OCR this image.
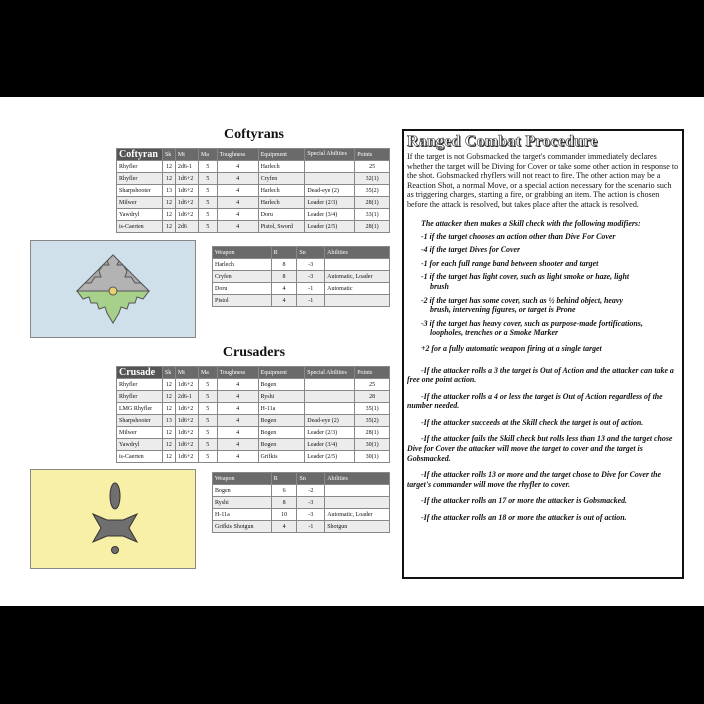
Coftyrans
Coftyran	Sk	Mt	Ma	Toughness	Equipment	Special Abilities	Points
Rhyfler	12	2d6-1	5	4	Harlech		25
Rhyfler	12	1d6+2	5	4	Cryfen		32(1)
Sharpshooter	13	1d6+2	5	4	Harlech	Dead-eye (2)	35(2)
Milwer	12	1d6+2	5	4	Harlech	Leader (2/3)	28(1)
Yawdryl	12	1d6+2	5	4	Doru	Leader (3/4)	33(1)
is-Caerten	12	2d6	5	4	Pistol, Sword	Leader (2/5)	28(1)
Weapon	R	Sn	Abilities
Harlech	8	-3	
Cryfen	8	-3	Automatic, Loader
Doru	4	-1	Automatic
Pistol	4	-1	
Crusaders
Crusade	Sk	Mt	Ma	Toughness	Equipment	Special Abilities	Points
Rhyfler	12	1d6+2	5	4	Bogen		25
Rhyfler	12	2d6-1	5	4	Ryshi		28
LMG Rhyfler	12	1d6+2	5	4	H-11a		35(1)
Sharpshooter	13	1d6+2	5	4	Bogen	Dead-eye (2)	35(2)
Milwer	12	1d6+2	5	4	Bogen	Leader (2/3)	28(1)
Yawdryl	12	1d6+2	5	4	Bogen	Leader (3/4)	30(1)
is-Caerten	12	1d6+2	5	4	Grifkis	Leader (2/5)	30(1)
Weapon	R	Sn	Abilities
Bogen	6	-2	
Ryshi	8	-3	
H-11a	10	-3	Automatic, Loader
Grifkis Shotgun	4	-1	Shotgun
Ranged Combat Procedure
If the target is not Gobsmacked the target's commander immediately declares whether the target will be Diving for Cover or take some other action in response to the shot. Gobsmacked rhyflers will not react to fire. The other action may be a Reaction Shot, a normal Move, or a special action necessary for the scenario such as triggering charges, starting a fire, or grabbing an item. The action is chosen before the attack is resolved, but takes place after the attack is resolved.
The attacker then makes a Skill check with the following modifiers:
-1 if the target chooses an action other than Dive For Cover
-4 if the target Dives for Cover
-1 for each full range band between shooter and target
-1 if the target has light cover, such as light smoke or haze, light
brush
-2 if the target has some cover, such as ½ behind object, heavy
brush, intervening figures, or target is Prone
-3 if the target has heavy cover, such as purpose-made fortifications,
loopholes, trenches or a Smoke Marker
+2 for a fully automatic weapon firing at a single target
-If the attacker rolls a 3 the target is Out of Action and the attacker can take a free one point action.
-If the attacker rolls a 4 or less the target is Out of Action regardless of the number needed.
-If the attacker succeeds at the Skill check the target is out of action.
-If the attacker fails the Skill check but rolls less than 13 and the target chose Dive for Cover the attacker will move the target to cover and the target is Gobsmacked.
-If the attacker rolls 13 or more and the target chose to Dive for Cover the target's commander will move the rhyfler to cover.
-If the attacker rolls an 17 or more the attacker is Gobsmacked.
-If the attacker rolls an 18 or more the attacker is out of action.
